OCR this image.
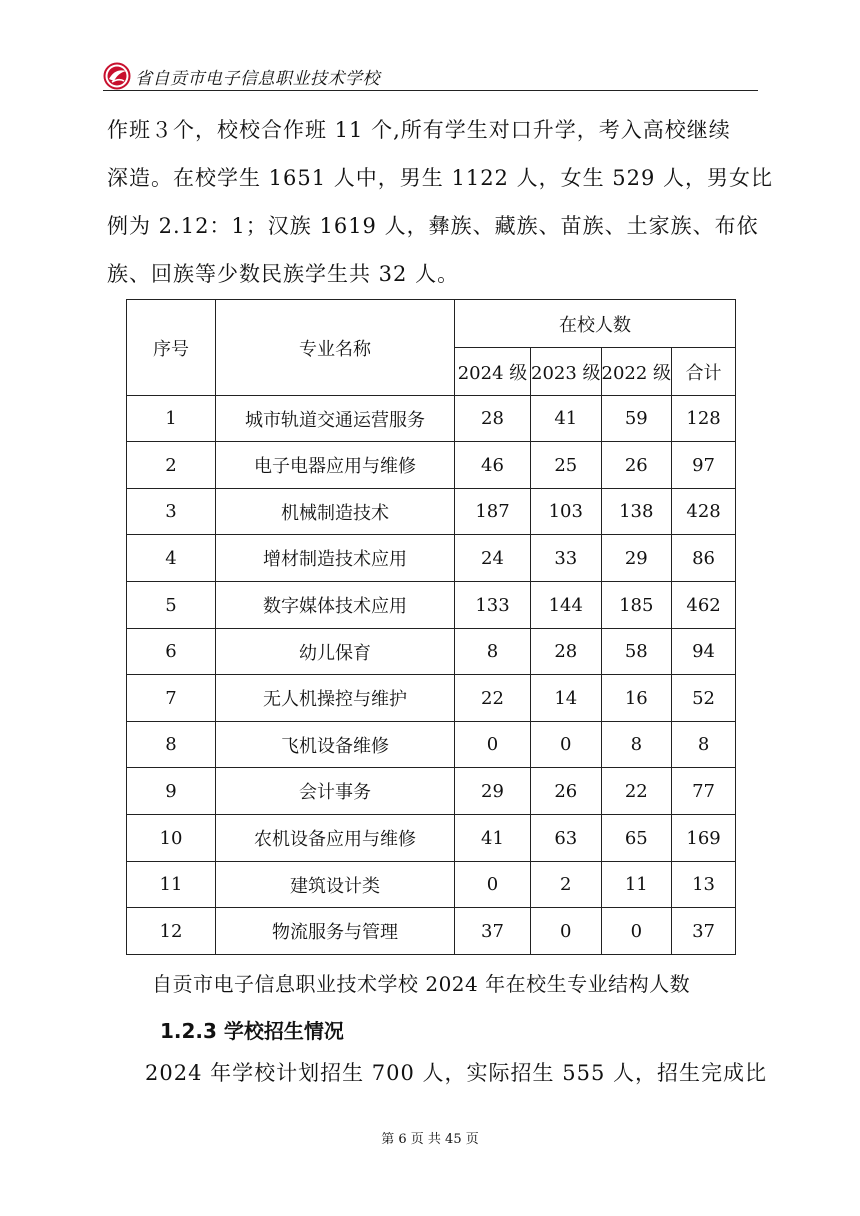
省自贡市电子信息职业技术学校

作班３个，校校合作班 11 个,所有学生对口升学，考入高校继续

深造。在校学生 1651 人中，男生 1122 人，女生 529 人，男女比

例为 2.12：1；汉族 1619 人，彝族、藏族、苗族、土家族、布依

族、回族等少数民族学生共 32 人。

序号	专业名称	在校人数			
		2024 级	2023 级	2022 级	合计
1	城市轨道交通运营服务	28	41	59	128
2	电子电器应用与维修	46	25	26	97
3	机械制造技术	187	103	138	428
4	增材制造技术应用	24	33	29	86
5	数字媒体技术应用	133	144	185	462
6	幼儿保育	8	28	58	94
7	无人机操控与维护	22	14	16	52
8	飞机设备维修	0	0	8	8
9	会计事务	29	26	22	77
10	农机设备应用与维修	41	63	65	169
11	建筑设计类	0	2	11	13
12	物流服务与管理	37	0	0	37
自贡市电子信息职业技术学校 2024 年在校生专业结构人数
1.2.3 学校招生情况
2024 年学校计划招生 700 人，实际招生 555 人，招生完成比
第 6 页 共 45 页
